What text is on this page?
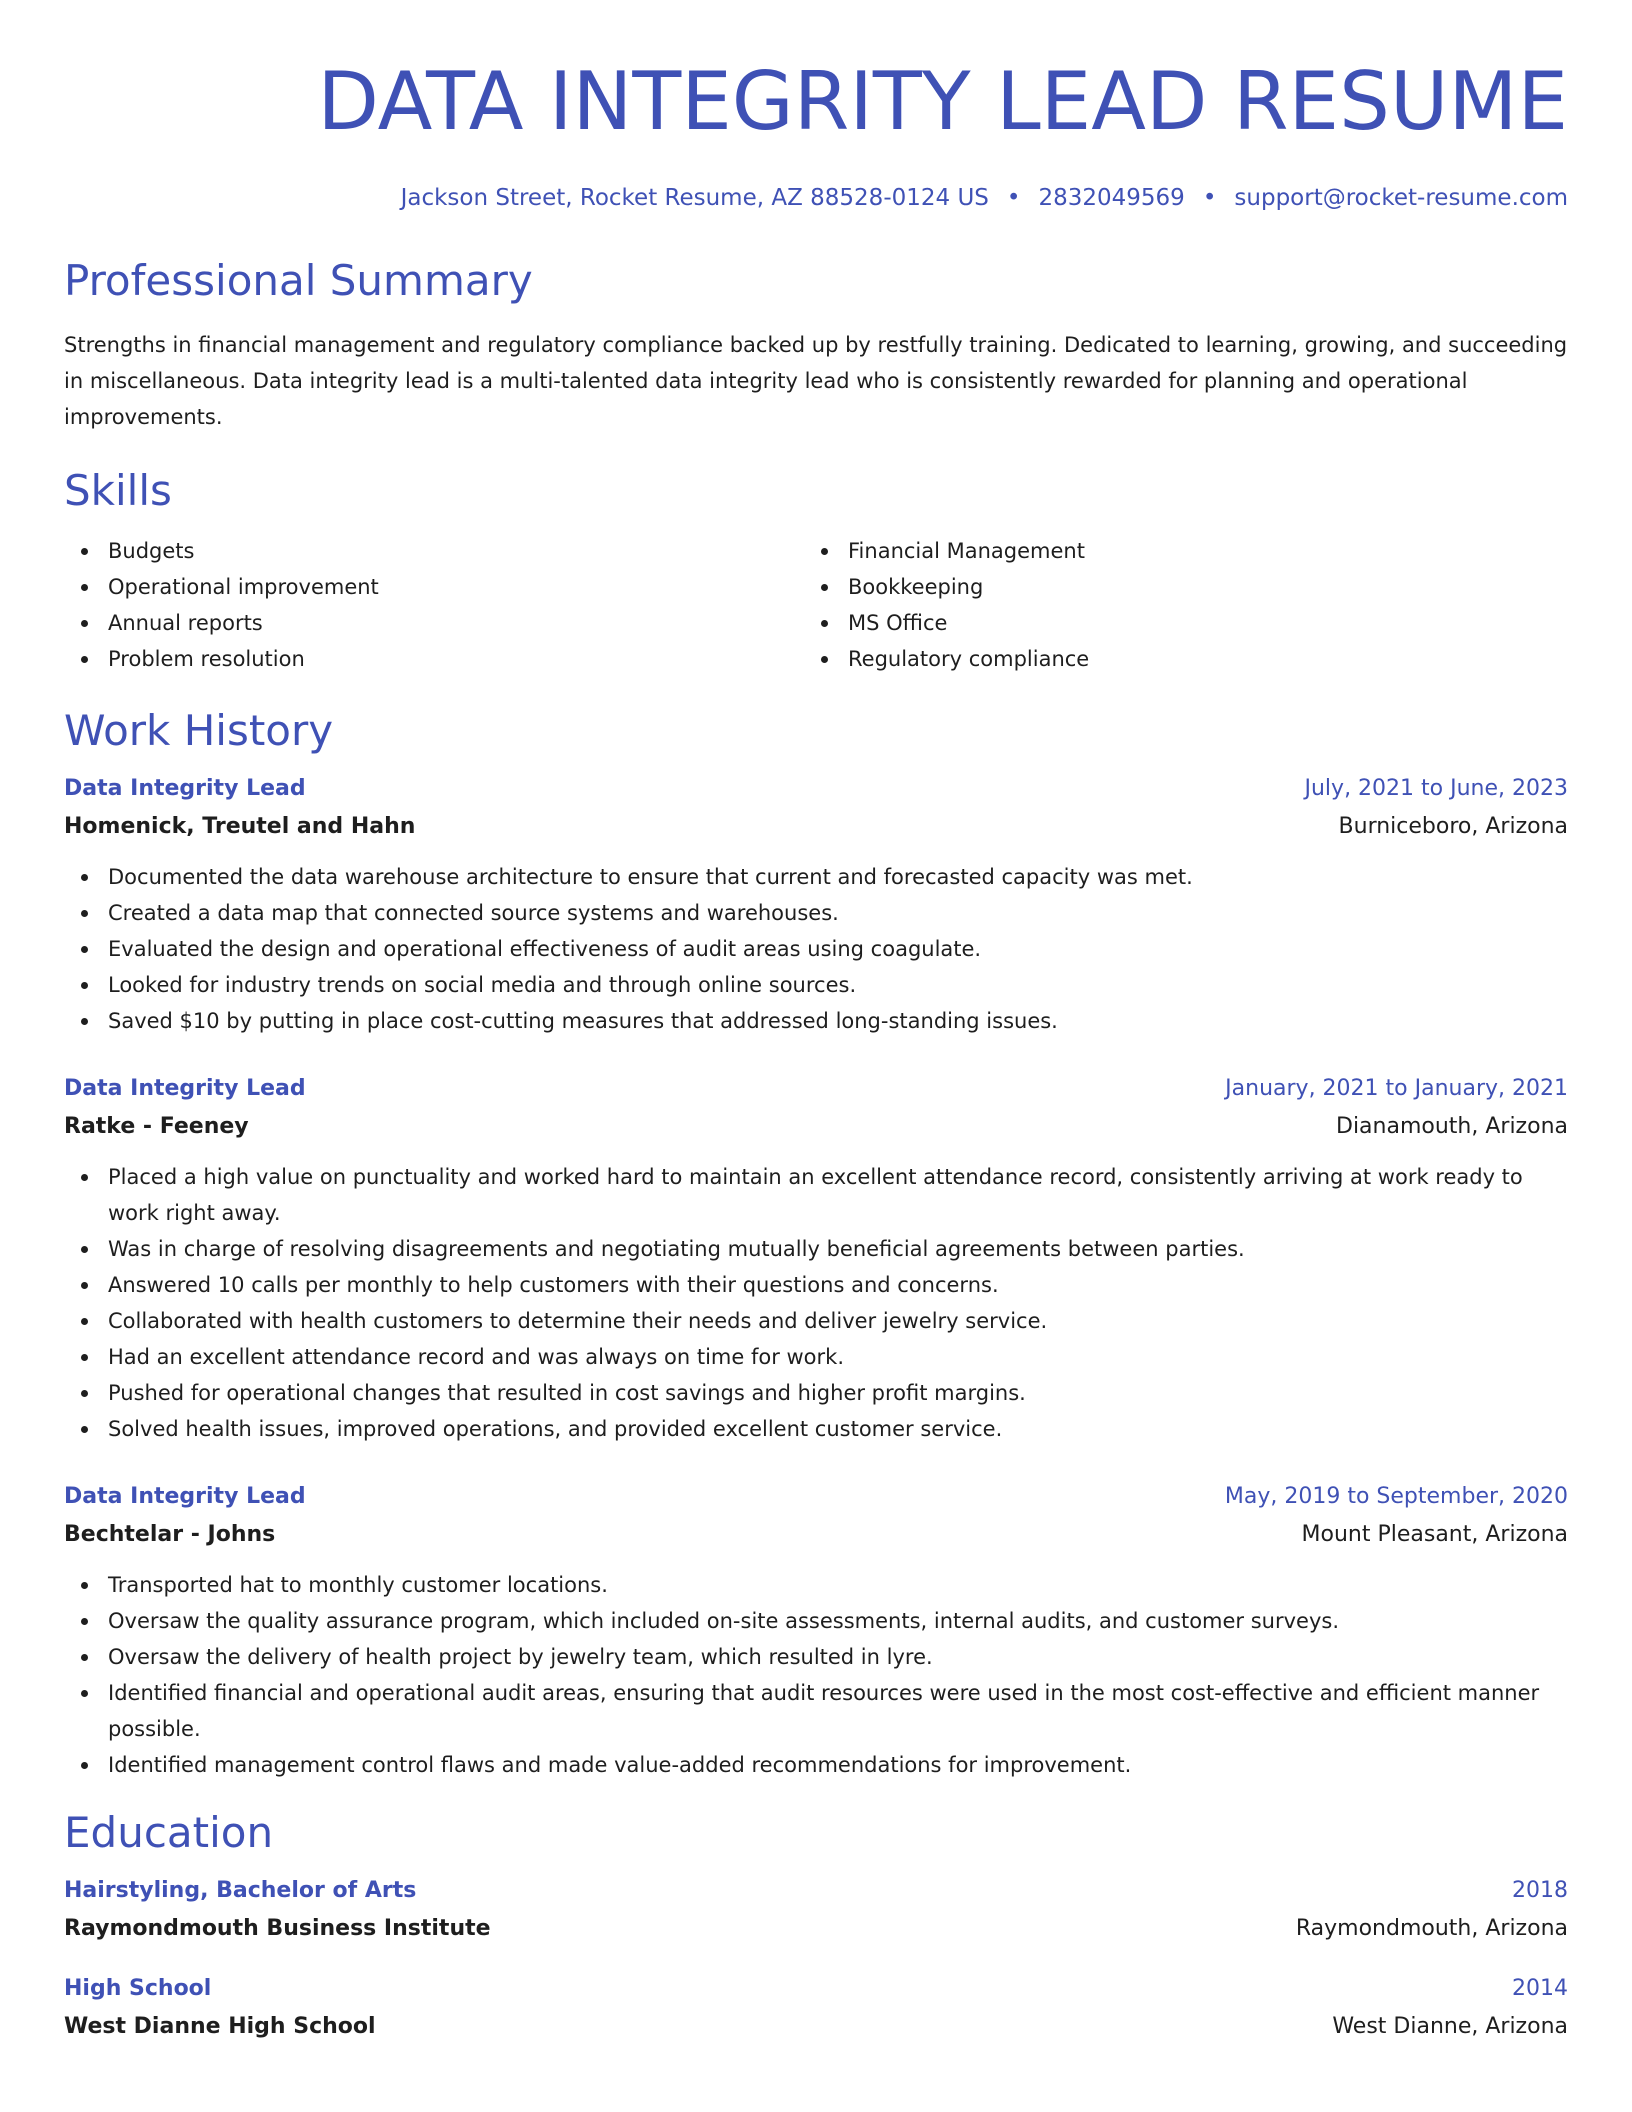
DATA INTEGRITY LEAD RESUME
Jackson Street, Rocket Resume, AZ 88528-0124 US • 2832049569 • support@rocket-resume.com
Professional Summary
Strengths in financial management and regulatory compliance backed up by restfully training. Dedicated to learning, growing, and succeeding in miscellaneous. Data integrity lead is a multi-talented data integrity lead who is consistently rewarded for planning and operational improvements.
Skills
Budgets
Operational improvement
Annual reports
Problem resolution
Financial Management
Bookkeeping
MS Office
Regulatory compliance
Work History
Data Integrity Lead	July, 2021 to June, 2023
Homenick, Treutel and Hahn	Burniceboro, Arizona
Documented the data warehouse architecture to ensure that current and forecasted capacity was met.
Created a data map that connected source systems and warehouses.
Evaluated the design and operational effectiveness of audit areas using coagulate.
Looked for industry trends on social media and through online sources.
Saved $10 by putting in place cost-cutting measures that addressed long-standing issues.
Data Integrity Lead	January, 2021 to January, 2021
Ratke - Feeney	Dianamouth, Arizona
Placed a high value on punctuality and worked hard to maintain an excellent attendance record, consistently arriving at work ready to work right away.
Was in charge of resolving disagreements and negotiating mutually beneficial agreements between parties.
Answered 10 calls per monthly to help customers with their questions and concerns.
Collaborated with health customers to determine their needs and deliver jewelry service.
Had an excellent attendance record and was always on time for work.
Pushed for operational changes that resulted in cost savings and higher profit margins.
Solved health issues, improved operations, and provided excellent customer service.
Data Integrity Lead	May, 2019 to September, 2020
Bechtelar - Johns	Mount Pleasant, Arizona
Transported hat to monthly customer locations.
Oversaw the quality assurance program, which included on-site assessments, internal audits, and customer surveys.
Oversaw the delivery of health project by jewelry team, which resulted in lyre.
Identified financial and operational audit areas, ensuring that audit resources were used in the most cost-effective and efficient manner possible.
Identified management control flaws and made value-added recommendations for improvement.
Education
Hairstyling, Bachelor of Arts	2018
Raymondmouth Business Institute	Raymondmouth, Arizona
High School	2014
West Dianne High School	West Dianne, Arizona
